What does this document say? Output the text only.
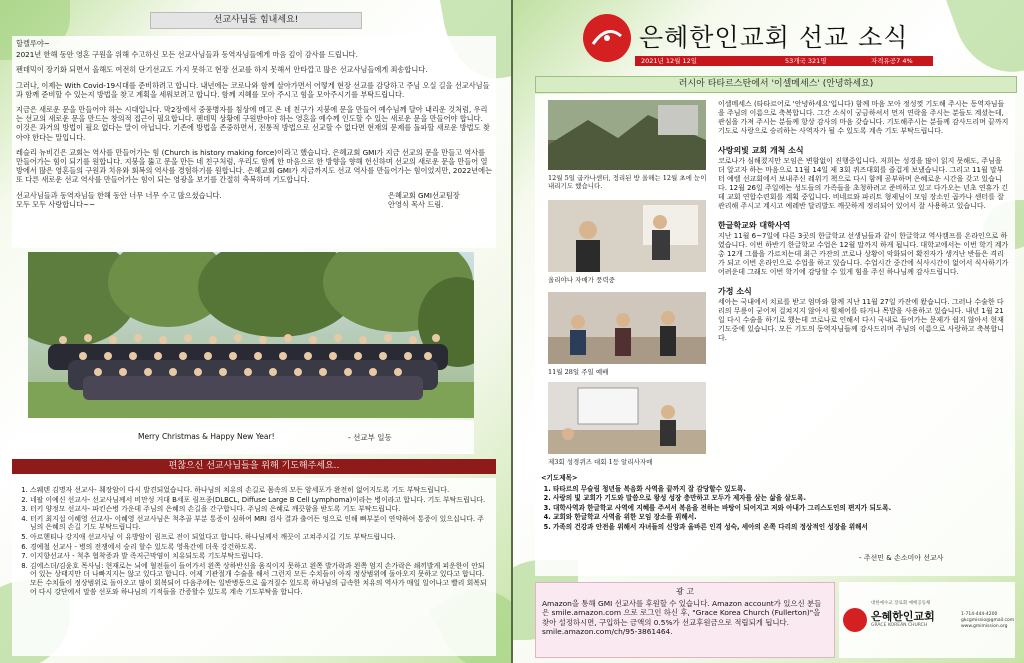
선교사님들 힘내세요!

할렐루야~

2021년 한해 동안 영혼 구원을 위해 수고하신 모든 선교사님들과 동역자님들에게 마음 깊이 감사를 드립니다.

펜데믹이 장기화 되면서 올해도 여전히 단기선교도 가지 못하고 현장 선교를 하지 못해서 안타깝고 많은 선교사님들에게 죄송합니다.

그러나, 이제는 With Covid-19시대를 준비하려고 합니다. 내년에는 코로나와 함께 살아가면서 어떻게 현장 선교를 감당하고 주님 오실 길을 선교사님들과 함께 준비할 수 있는지 방법을 찾고 계획을 세워보려고 합니다. 함께 지혜를 모아 주시고 힘을 모아주시기를 부탁드립니다.

지금은 새로운 문을 만들어야 하는 시대입니다. 막2장에서 중풍병자를 침상에 메고 온 네 친구가 지붕에 문을 만들어 예수님께 달아 내리운 것처럼, 우리는 선교의 새로운 문을 만드는 창의적 접근이 필요합니다. 펜데믹 상황에 구원받아야 하는 영혼을 예수께 인도할 수 있는 새로운 문을 만들어야 합니다. 이것은 과거의 방법이 필요 없다는 말이 아닙니다. 기존에 방법을 존중하면서, 전통적 방법으로 선교할 수 없다면 현재의 문제를 돌파할 새로운 방법도 찾아야 한다는 말입니다.

레슬리 뉴비긴은 교회는 역사를 만들어가는 힘 (Church is history making force)이라고 했습니다. 은혜교회 GMI가 지금 선교의 문을 만들고 역사를 만들어가는 힘이 되기를 원합니다. 지붕을 뚫고 문을 만든 네 친구처럼, 우리도 함께 한 마음으로 한 방향을 향해 헌신하며 선교의 새로운 문을 만들어 열방에서 많은 영혼들의 구원과 치유와 회복의 역사를 경험하기를 원합니다. 은혜교회 GMI가 지금까지도 선교 역사를 만들어가는 힘이었지만, 2022년에는 또 다른 새로운 선교 역사를 만들어가는 힘이 되는 영광을 보기를 간절히 축복하며 기도합니다.

선교사님들과 동역자님들 한해 동안 너무 너무 수고 많으셨습니다.
모두 모두 사랑합니다~~
은혜교회 GMI선교팀장
안영식 목사 드림.
Merry Christmas & Happy New Year!	- 선교부 일동
편찮으신 선교사님들을 위해 기도해주세요..
1. 스웨덴 김명자 선교사- 췌장암이 다시 발견되었습니다. 하나님의 치유의 손길로 몸속의 모든 암세포가 완전히 없어지도록 기도 부탁드립니다.
2. 네팔 이예신 선교사- 선교사님께서 비만성 거대 B세포 림프종(DLBCL, Diffuse Large B Cell Lymphoma)이라는 병이라고 합니다. 기도 부탁드립니다.
3. 터키 양정모 선교사- 파킨슨병 가운데 주님의 은혜의 손길을 간구합니다. 주님의 은혜로 깨끗함을 받도록 기도 부탁드립니다.
4. 터키 최지섭 이혜영 선교사- 이혜영 선교사님은 척추골 부분 통증이 심하여 MRI 검사 결과 출어든 엉으로 인해 뼈부분이 연약하여 통증이 있으십니다. 주님의 은혜의 손길 기도 부탁드립니다.
5. 아르헨티나 강지애 선교사님 이 유방암이 림프로 전이 되었다고 합니다. 하나님께서 깨끗이 고쳐주시길 기도 부탁드립니다.
6. 경예철 선교사 - 병의 전쟁에서 승리 할수 있도록 영육간에 더욱 강건하도록.
7. 이지향선교사 - 척추 협착증과 발 족저근막염이 치유되도록 기도부탁드립니다.
8. 김에스더/김윤호 목사님: 현재로는 뇌에 혈전들이 들어가서 왼쪽 상하반신을 움직이지 못하고 왼쪽 발가락과 왼쪽 엄지 손가락은 쇄끼발게 피운한이 안되어 있는 상태지만 더 나빠지지는 않고 있다고 합니다. 어제 기관절개 수술을 해서 그런지 모든 수치들이 아직 정상범위에 돌아오지 못하고 있다고 합니다. 모든 수치들이 정상범위로 돌아오고 많이 회복되어 다음주에는 일반병동으로 옮겨질수 있도록 하나님의 급속한 치유의 역사가 매일 일어나고 빨리 회복되어 다시 강단에서 말씀 선포와 하나님의 기적들을 간증할수 있도록 계속 기도부탁을 합니다.
은혜한인교회 선교 소식
2021년 12월 12일	53개국 321명	자격유공7 4%
러시아 타타르스탄에서 '이셀메세스' (안녕하세요)
12월 5일 굽카나센터, 정리된 방 올해는 12월 초에 눈이 내리기도 했습니다.
올리야나 자매가 풍력중
11월 28일 주일 예배
제3회 성경퀴즈 대회 1등 알리사자매

이셀메세스 (타타르어로 '안녕하세요'입니다) 함께 마음 모아 정성껏 기도해 주시는 동역자님들을 주님의 이름으로 축복합니다. 그간 소식이 궁금하셔서 먼저 연락을 주시는 분들도 계셨는데, 관심을 가져 주시는 분들께 항상 감사의 마음 갖습니다. 기도해주시는 분들께 감사드리며 끝까지 기도로 사랑으로 승리하는 사역자가 될 수 있도록 계속 기도 부탁드립니다.

사랑의빛 교회 개척 소식

코로나가 심해졌지만 모임은 변함없이 진행중입니다. 저희는 성경을 많이 읽지 못해도, 주님을 더 알고자 하는 마음으로 11월 14일 제 3회 퀴즈대회를 즐겁게 보냈습니다. 그리고 11월 말부터 예렐 선교회에서 보내주신 레위기 책으로 다시 함께 공부하며 은혜로운 시간을 갖고 있습니다. 12월 26일 주일에는 성도들의 가족들을 초청하려고 준비하고 있고 다가오는 년초 연휴가 긴데 교회 연합수련회를 계획 중입니다. 비네르와 파리트 형제님이 모임 장소인 곱카나 센터를 잘 관리해 주시고 계시고 예레반 달리발도 깨끗하게 정리되어 있어서 잘 사용하고 있습니다.

한글학교와 대학사역

지난 11월 6~7일에 다른 3곳의 한글학교 선생님들과 같이 한글학교 역사캠프를 온라인으로 하였습니다. 이번 하반기 한글학교 수업은 12월 말까지 하게 됩니다. 대학교에서는 이번 학기 계가 총 12개 그룹을 가르치는데 최근 카잔의 코로나 상황이 악화되어 확진자가 생겨난 반들은 격리가 되고 이번 온라인으로 수업을 하고 있습니다. 수업시간 중간에 식사시간이 없어서 식사하기가 어려운데 그래도 이번 학기에 감당할 수 있게 힘을 주신 하나님께 감사드립니다.

가정 소식

세아는 국내에서 치료를 받고 엄마와 함께 지난 11월 27일 카잔에 왔습니다. 그러나 수술한 다리의 무릎이 굳어져 걸쳐지지 않아서 휠체어를 타거나 목발을 사용하고 있습니다. 내년 1월 21일 다시 수술을 하기로 했는데 코로나로 인해서 다시 국내로 들어가는 문제가 쉽지 않아서 현재 기도중에 있습니다. 모든 기도의 동역자님들께 감사드리며 주님의 이름으로 사랑하고 축복합니다.

<기도제목>
1. 타타르의 무슬림 청년들 복음화 사역을 끝까지 잘 감당할수 있도록.
2. 사랑의 빛 교회가 기도와 말씀으로 왕성 성장 충만하고 모두가 제자를 삼는 삶을 살도록.
3. 대학사역과 한글학교 사역에 지혜를 주셔서 복음을 전하는 바탕이 되어지고 저와 아내가 그리스도인의 편지가 되도록.
4. 교회와 한글학교 사역을 위한 모임 장소를 위해서.
5. 가족의 건강과 안전을 위해서 자녀들의 신앙과 올바른 인격 성숙, 세아의 온쪽 다리의 정상적인 성장을 위해서
- 주선민 & 손소미아 선교사
광 고
Amazon을 통해 GMI 선교사를 후원할 수 있습니다. Amazon account가 있으신 분들은 smile.amazon.com 으로 로그인 하신 후, "Grace Korea Church (Fullerton)"을 찾아 설정하시면, 구입하는 금액의 0.5%가 선교후원금으로 적립되게 됩니다. smile.amazon.com/ch/95-3861464.
대한예수교 장로회 예배공동체
은혜한인교회
GRACE KOREAN CHURCH
1-714-444-4200
gkcgmissio@gmail.com
www.gmimission.org
